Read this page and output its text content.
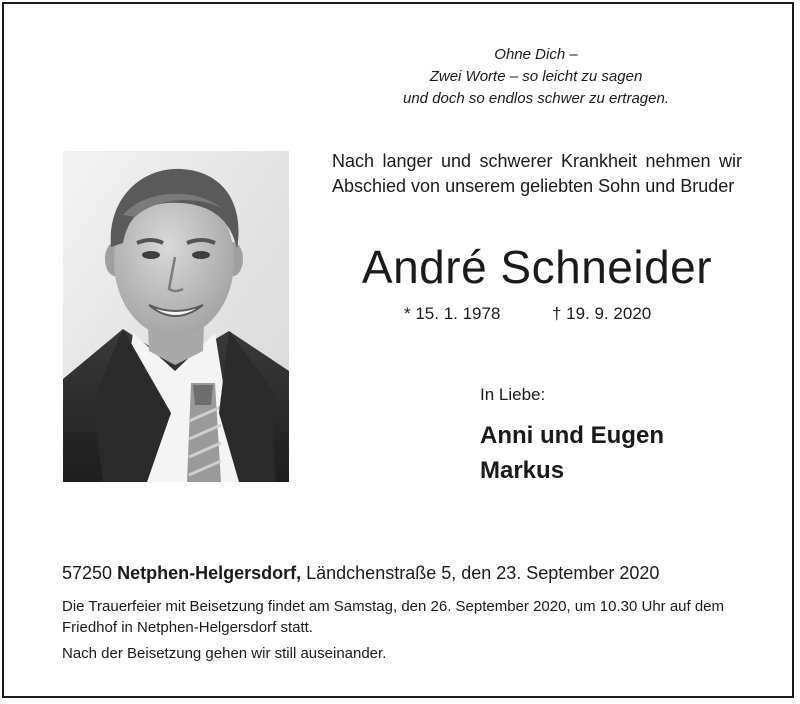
Ohne Dich –
Zwei Worte – so leicht zu sagen
und doch so endlos schwer zu ertragen.
Nach langer und schwerer Krankheit nehmen wir Abschied von unserem geliebten Sohn und Bruder
André Schneider
* 15. 1. 1978	† 19. 9. 2020
In Liebe:
Anni und Eugen
Markus
57250 Netphen-Helgersdorf, Ländchenstraße 5, den 23. September 2020
Die Trauerfeier mit Beisetzung findet am Samstag, den 26. September 2020, um 10.30 Uhr auf dem Friedhof in Netphen-Helgersdorf statt.
Nach der Beisetzung gehen wir still auseinander.
